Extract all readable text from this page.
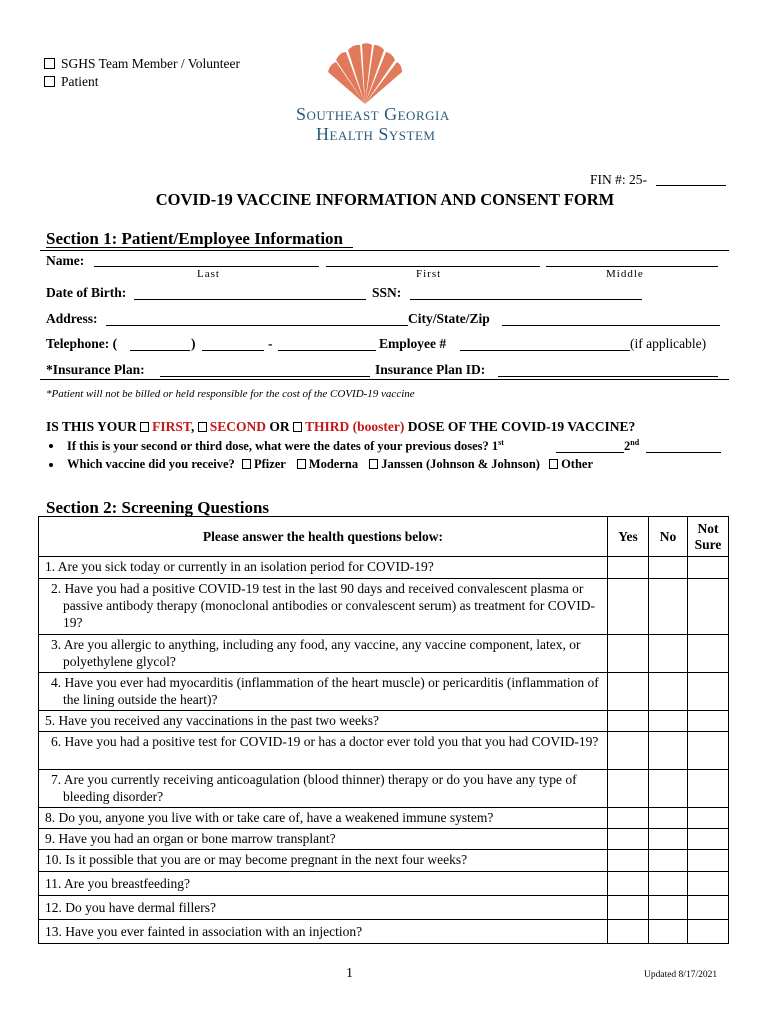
SGHS Team Member / Volunteer
Patient
Southeast Georgia
Health System
FIN #: 25-
COVID-19 VACCINE INFORMATION AND CONSENT FORM
Section 1: Patient/Employee Information
Name:
Last	First	Middle
Date of Birth:	SSN:
Address:	City/State/Zip
Telephone: (	)	-	Employee #	(if applicable)
*Insurance Plan:	Insurance Plan ID:
*Patient will not be billed or held responsible for the cost of the COVID-19 vaccine
IS THIS YOUR FIRST, SECOND OR THIRD (booster) DOSE OF THE COVID-19 VACCINE?
If this is your second or third dose, what were the dates of your previous doses? 1st	2nd
Which vaccine did you receive? Pfizer Moderna Janssen (Johnson & Johnson) Other
Section 2: Screening Questions
Please answer the health questions below:	Yes	No	Not
Sure
1. Are you sick today or currently in an isolation period for COVID-19?			

2. Have you had a positive COVID-19 test in the last 90 days and received convalescent plasma or passive antibody therapy (monoclonal antibodies or convalescent serum) as treatment for COVID-19?			

3. Are you allergic to anything, including any food, any vaccine, any vaccine component, latex, or polyethylene glycol?			

4. Have you ever had myocarditis (inflammation of the heart muscle) or pericarditis (inflammation of the lining outside the heart)?			

5. Have you received any vaccinations in the past two weeks?			

6. Have you had a positive test for COVID-19 or has a doctor ever told you that you had COVID-19?			

7. Are you currently receiving anticoagulation (blood thinner) therapy or do you have any type of bleeding disorder?			

8. Do you, anyone you live with or take care of, have a weakened immune system?			
9. Have you had an organ or bone marrow transplant?			
10. Is it possible that you are or may become pregnant in the next four weeks?			
11. Are you breastfeeding?			
12. Do you have dermal fillers?			
13. Have you ever fainted in association with an injection?			
1	Updated 8/17/2021
